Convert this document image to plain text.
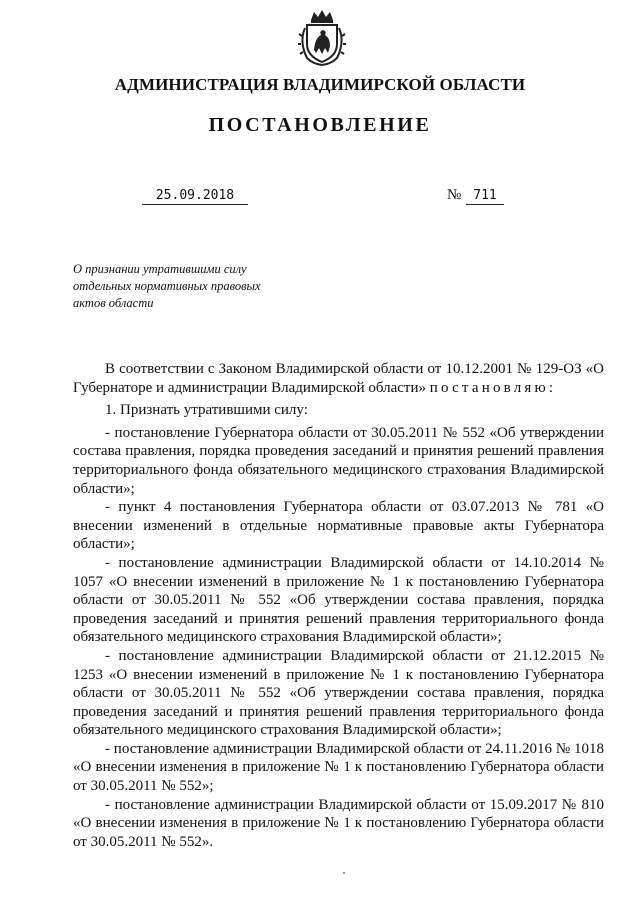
АДМИНИСТРАЦИЯ ВЛАДИМИРСКОЙ ОБЛАСТИ
ПОСТАНОВЛЕНИЕ
25.09.2018	№ 711
О признании утратившими силу
отдельных нормативных правовых
актов области

В соответствии с Законом Владимирской области от 10.12.2001 № 129-ОЗ «О Губернаторе и администрации Владимирской области» постановляю:

1. Признать утратившими силу:

- постановление Губернатора области от 30.05.2011 № 552 «Об утверждении состава правления, порядка проведения заседаний и принятия решений правления территориального фонда обязательного медицинского страхования Владимирской области»;

- пункт 4 постановления Губернатора области от 03.07.2013 № 781 «О внесении изменений в отдельные нормативные правовые акты Губернатора области»;

- постановление администрации Владимирской области от 14.10.2014 № 1057 «О внесении изменений в приложение № 1 к постановлению Губернатора области от 30.05.2011 № 552 «Об утверждении состава правления, порядка проведения заседаний и принятия решений правления территориального фонда обязательного медицинского страхования Владимирской области»;

- постановление администрации Владимирской области от 21.12.2015 № 1253 «О внесении изменений в приложение № 1 к постановлению Губернатора области от 30.05.2011 № 552 «Об утверждении состава правления, порядка проведения заседаний и принятия решений правления территориального фонда обязательного медицинского страхования Владимирской области»;

- постановление администрации Владимирской области от 24.11.2016 № 1018 «О внесении изменения в приложение № 1 к постановлению Губернатора области от 30.05.2011 № 552»;

- постановление администрации Владимирской области от 15.09.2017 № 810 «О внесении изменения в приложение № 1 к постановлению Губернатора области от 30.05.2011 № 552».
